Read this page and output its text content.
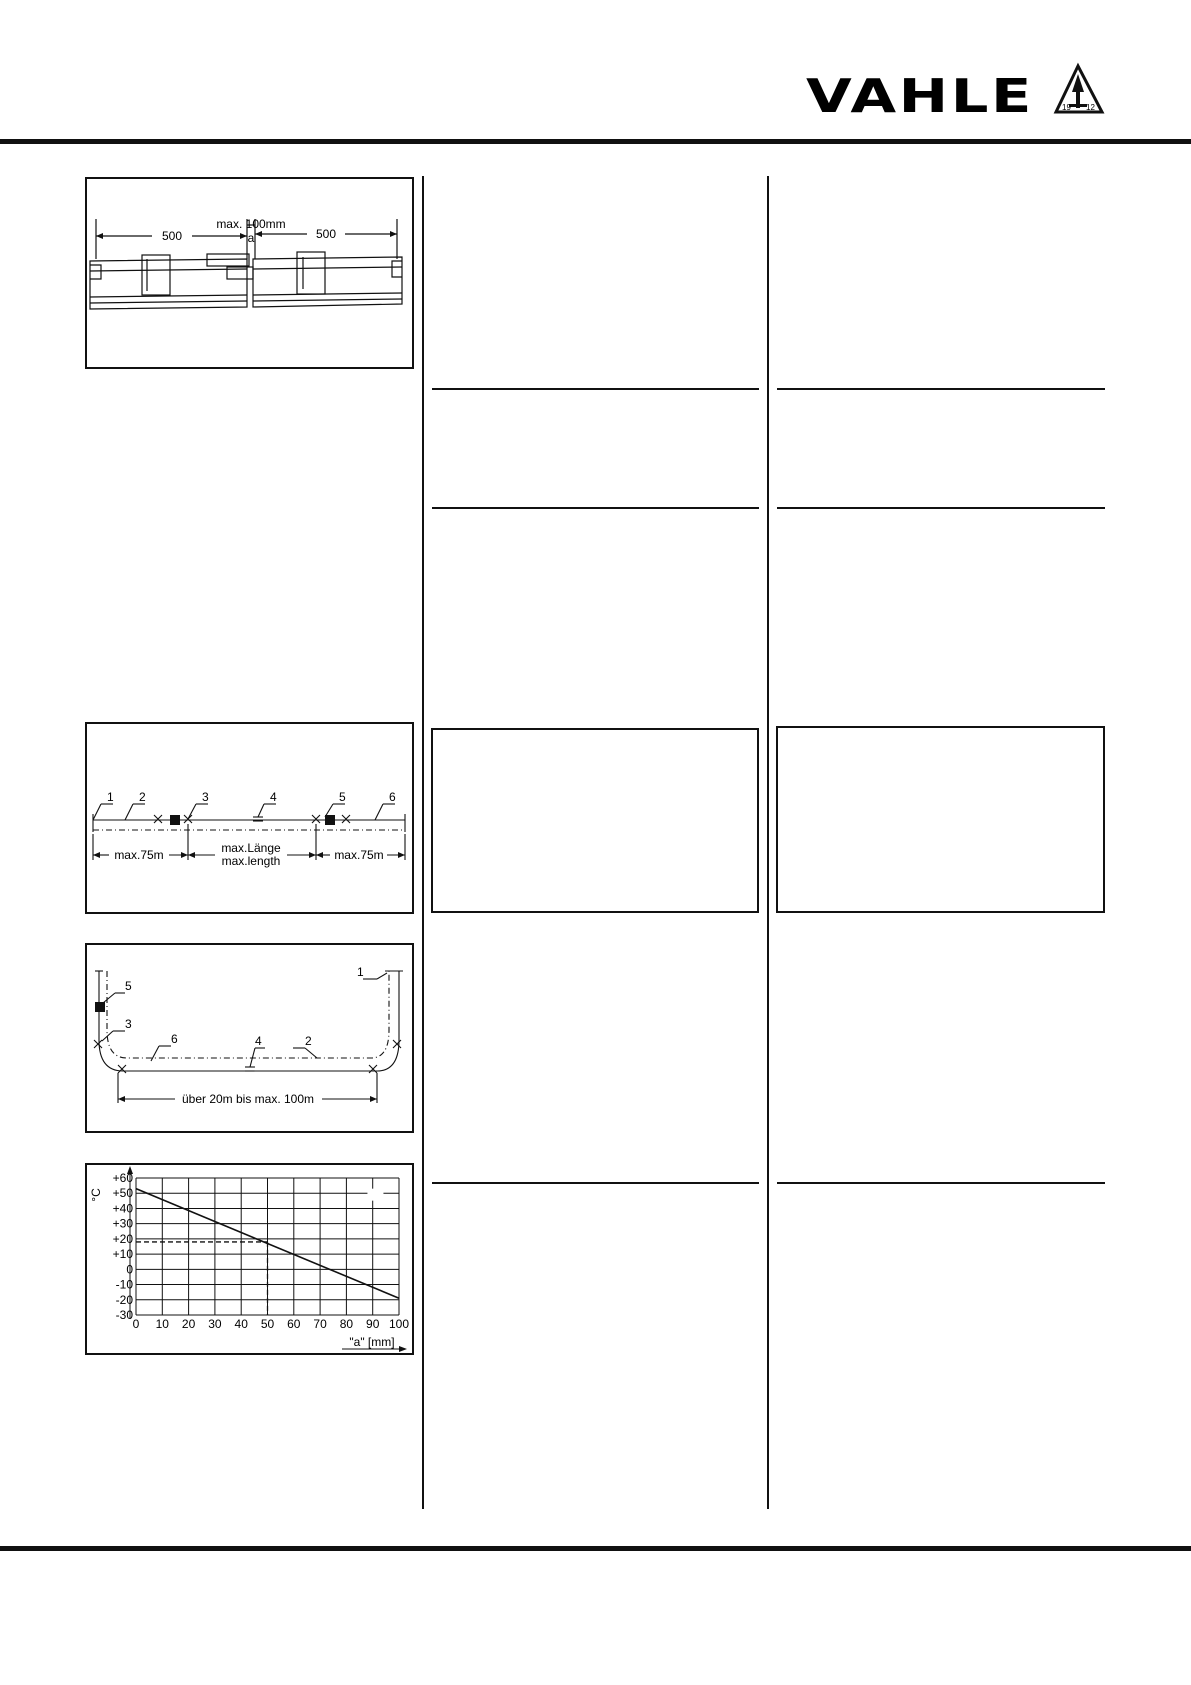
VAHLE	19 12
500	500
max. 100mm
a
1 2	3	4	5	6
max.75m	max.Länge
max.length	max.75m
1
5
3
6	4	2
über 20m bis max. 100m
0 10 20 30 40 50 60 70 80 90 100
+60
+50
+40
+30
+20
+10
0
-10
-20
-30
"a" [mm]
°C
